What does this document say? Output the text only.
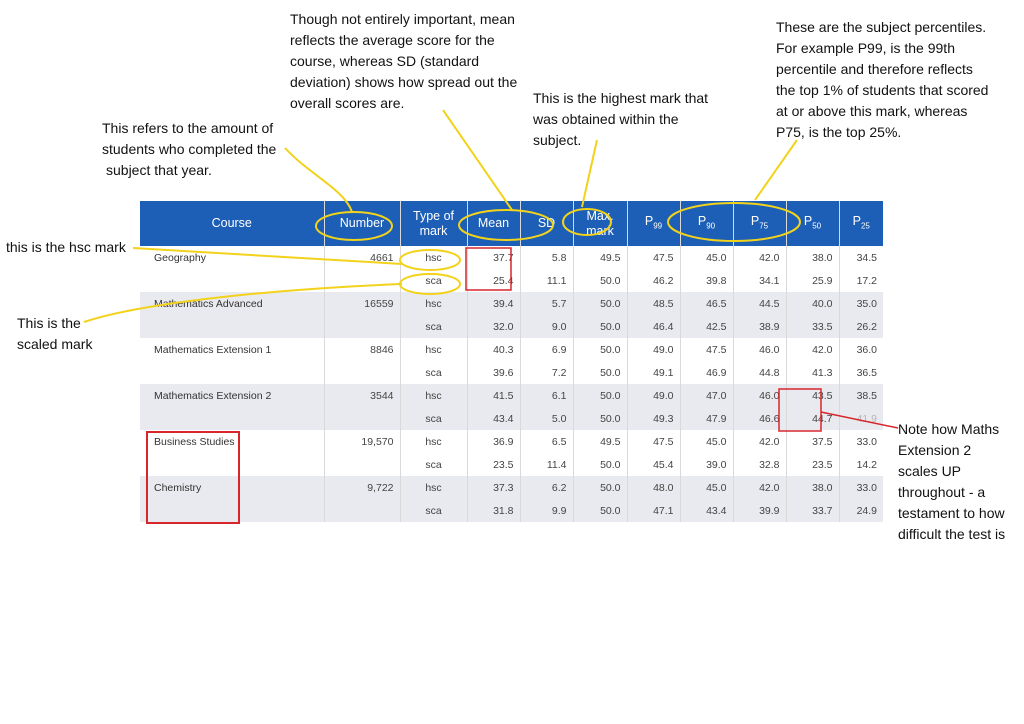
Though not entirely important, mean
reflects the average score for the
course, whereas SD (standard
deviation) shows how spread out the
overall scores are.
These are the subject percentiles.
For example P99, is the 99th
percentile and therefore reflects
the top 1% of students that scored
at or above this mark, whereas
P75, is the top 25%.
This is the highest mark that
was obtained within the
subject.
This refers to the amount of
students who completed the
subject that year.
this is the hsc mark
This is the
scaled mark
Note how Maths
Extension 2
scales UP
throughout - a
testament to how
difficult the test is
Course	Number	Type of
mark	Mean	SD	Max.
mark	$P_{99}$	$P_{90}$	$P_{75}$	$P_{50}$	$P_{25}$
Geography	4661	hsc	37.7	5.8	49.5	47.5	45.0	42.0	38.0	34.5
		sca	25.4	11.1	50.0	46.2	39.8	34.1	25.9	17.2
Mathematics Advanced	16559	hsc	39.4	5.7	50.0	48.5	46.5	44.5	40.0	35.0
		sca	32.0	9.0	50.0	46.4	42.5	38.9	33.5	26.2
Mathematics Extension 1	8846	hsc	40.3	6.9	50.0	49.0	47.5	46.0	42.0	36.0
		sca	39.6	7.2	50.0	49.1	46.9	44.8	41.3	36.5
Mathematics Extension 2	3544	hsc	41.5	6.1	50.0	49.0	47.0	46.0	43.5	38.5
		sca	43.4	5.0	50.0	49.3	47.9	46.6	44.7	41.9
Business Studies	19,570	hsc	36.9	6.5	49.5	47.5	45.0	42.0	37.5	33.0
		sca	23.5	11.4	50.0	45.4	39.0	32.8	23.5	14.2
Chemistry	9,722	hsc	37.3	6.2	50.0	48.0	45.0	42.0	38.0	33.0
		sca	31.8	9.9	50.0	47.1	43.4	39.9	33.7	24.9
